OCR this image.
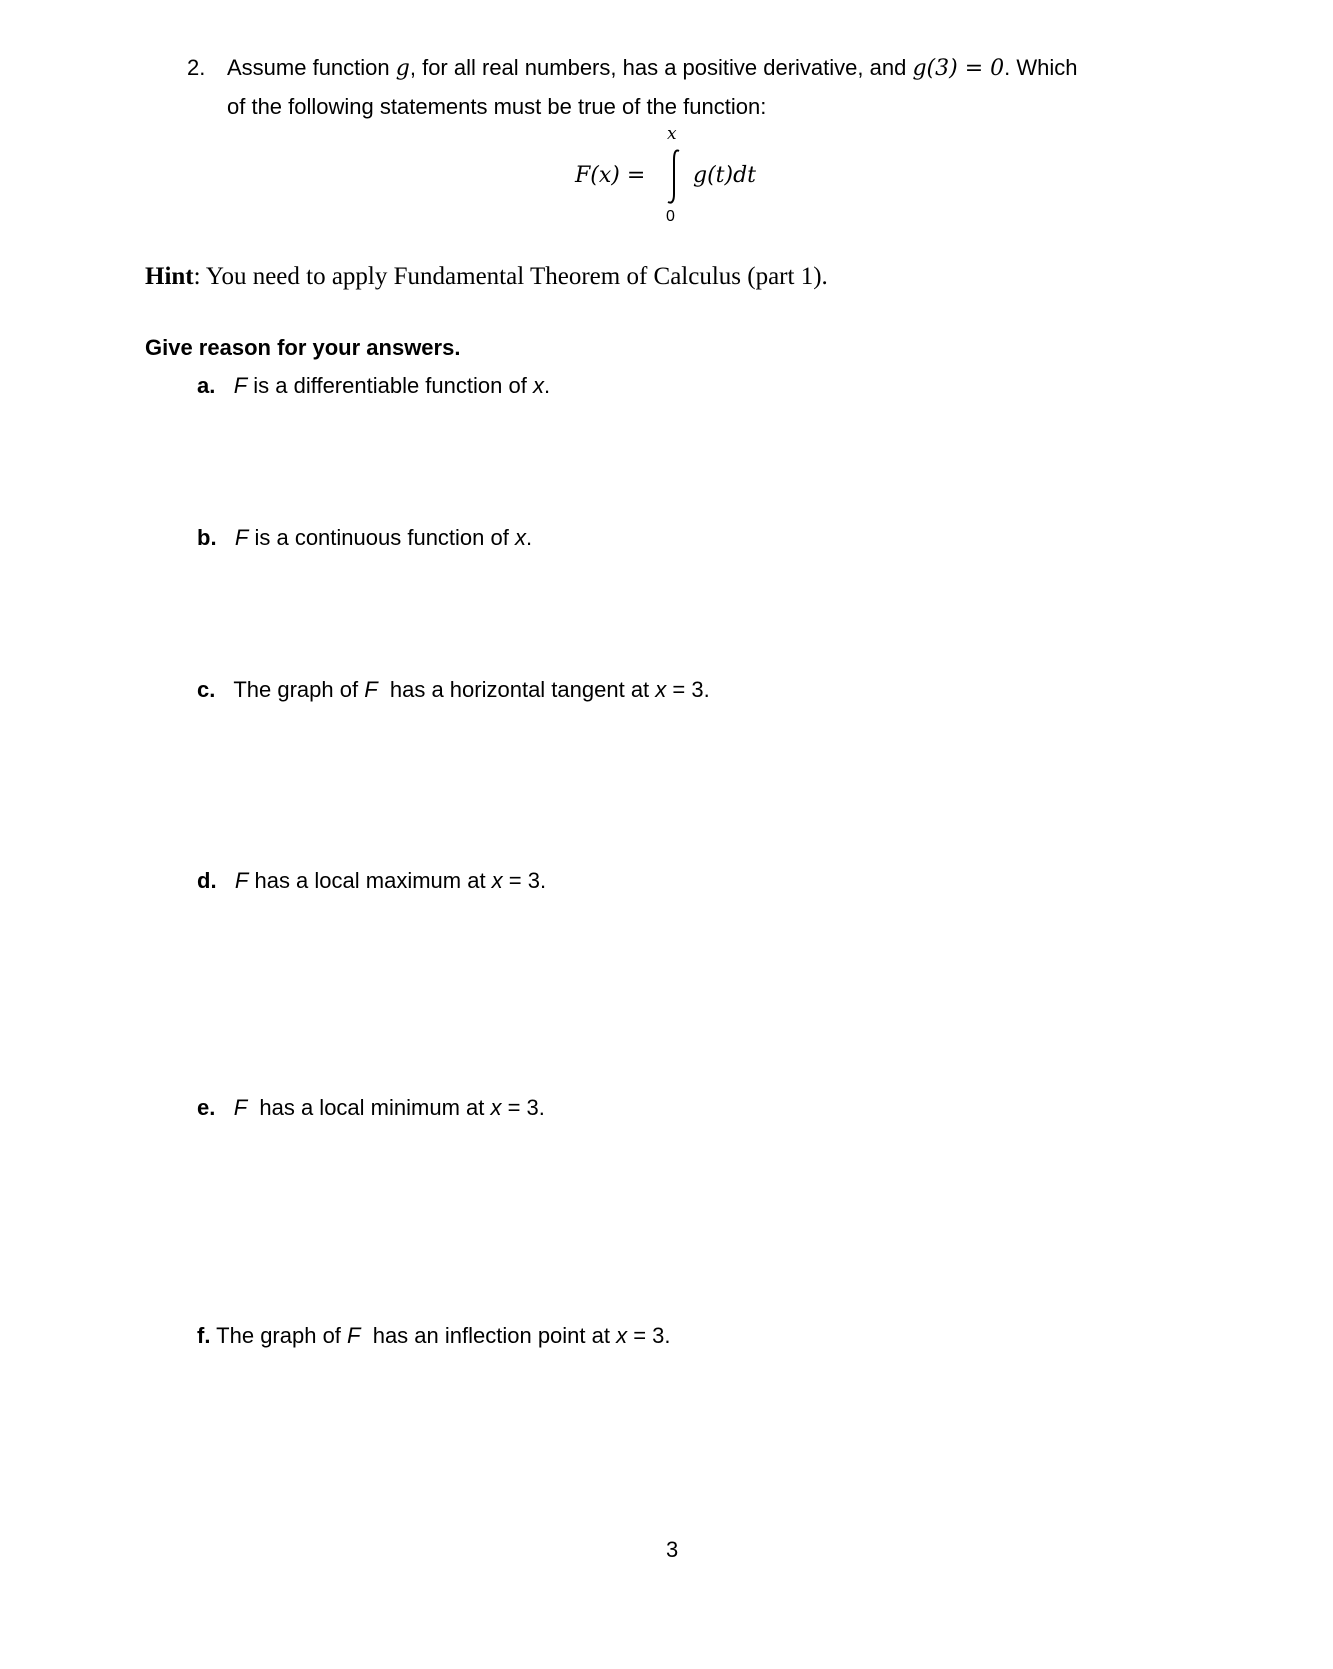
2. Assume function g, for all real numbers, has a positive derivative, and g(3) = 0. Which
of the following statements must be true of the function:
F(x) =
x
0
g(t)dt
Hint: You need to apply Fundamental Theorem of Calculus (part 1).
Give reason for your answers.
a. F is a differentiable function of x.
b. F is a continuous function of x.
c. The graph of F  has a horizontal tangent at x = 3.
d. F has a local maximum at x = 3.
e. F  has a local minimum at x = 3.
f. The graph of F  has an inflection point at x = 3.
3
